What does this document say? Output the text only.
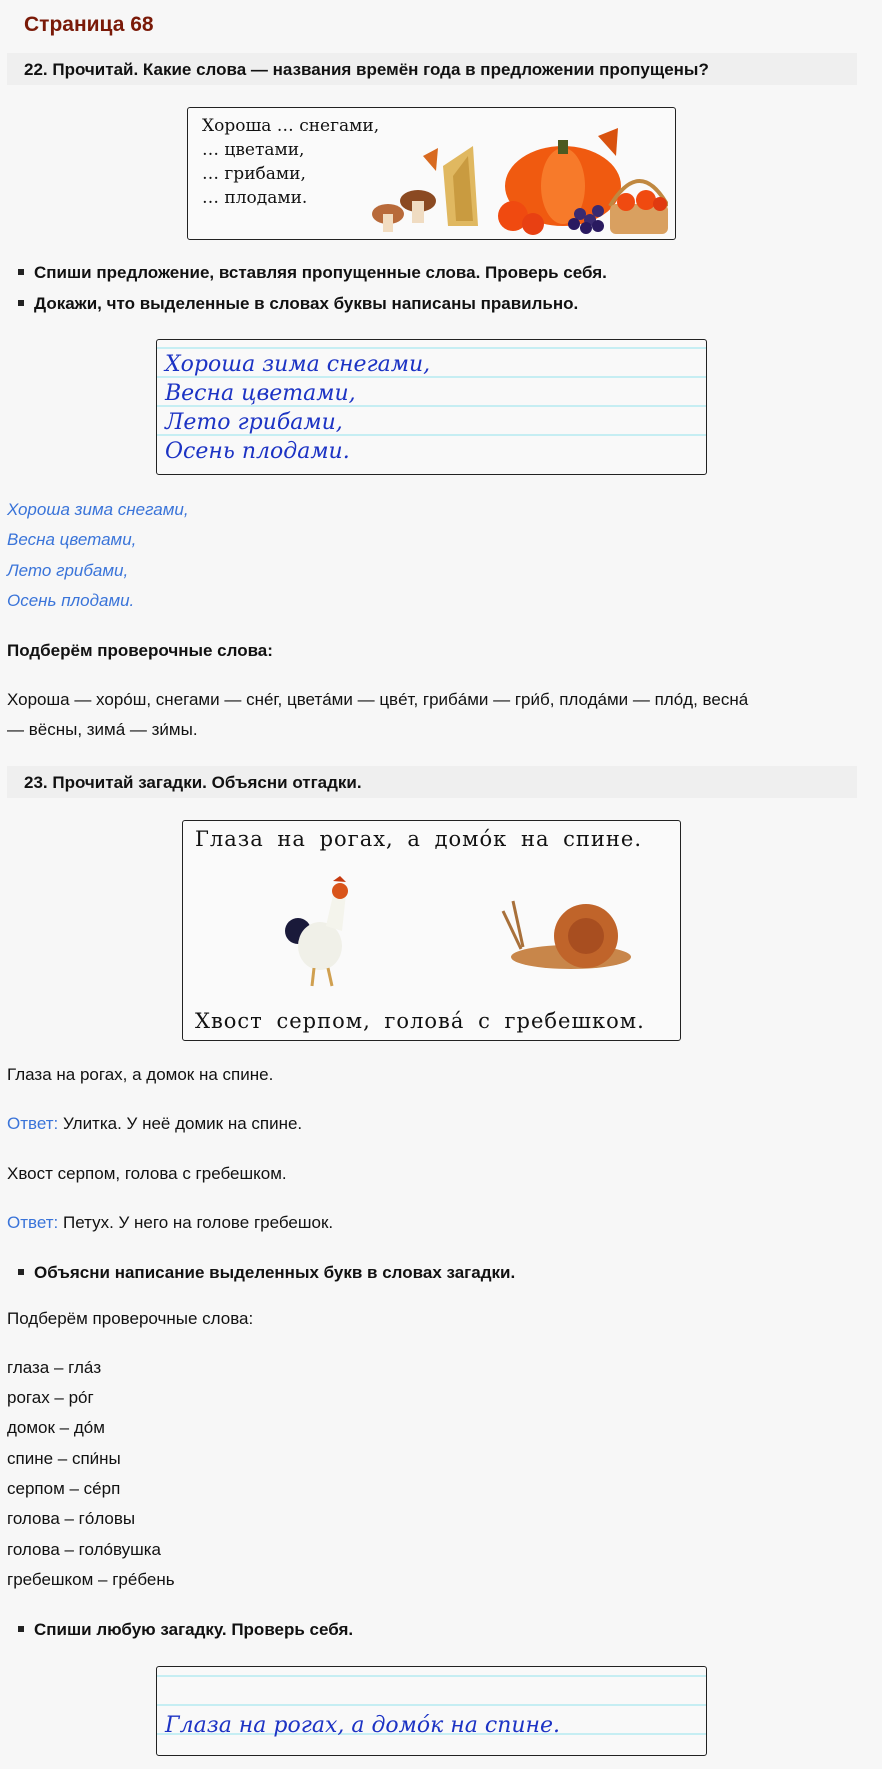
Страница 68
22. Прочитай. Какие слова — названия времён года в предложении пропущены?
Хороша … снегами,
… цветами,
… грибами,
… плодами.
Спиши предложение, вставляя пропущенные слова. Проверь себя.
Докажи, что выделенные в словах буквы написаны правильно.
Хороша зима снегами,
Весна цветами,
Лето грибами,
Осень плодами.
Хороша зима снегами,
Весна цветами,
Лето грибами,
Осень плодами.
Подберём проверочные слова:
Хорошa — хорóш, снегами — снéг, цветáми — цвéт, грибáми — гри́б, плодáми — плóд, веснá
— вёсны, зимá — зи́мы.
23. Прочитай загадки. Объясни отгадки.
Глаза на рогах, а домóк на спине.
Хвост серпом, головá с гребешком.
Глаза на рогах, а домок на спине.
Ответ: Улитка. У неё домик на спине.
Хвост серпом, голова с гребешком.
Ответ: Петух. У него на голове гребешок.
Объясни написание выделенных букв в словах загадки.
Подберём проверочные слова:
глаза – глáз
рогах – рóг
домок – дóм
спине – спи́ны
серпом – сéрп
голова – гóловы
голова – голóвушка
гребешком – грéбень
Спиши любую загадку. Проверь себя.
Глаза на рогах, а домóк на спине.
